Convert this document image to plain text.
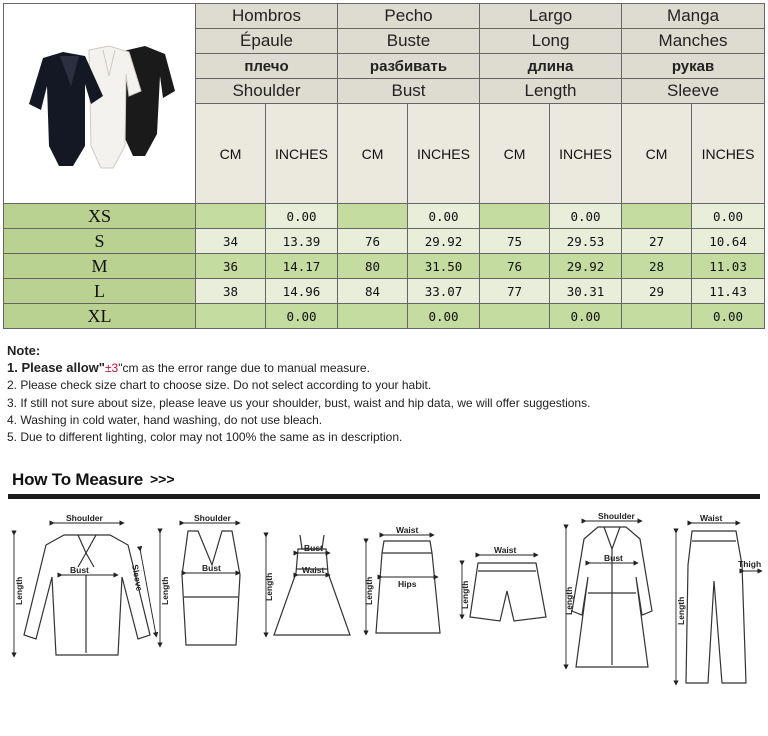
	Hombros		Pecho		Largo		Manga	
	Épaule		Buste		Long		Manches	
	плечо		разбивать		длина		рукав	
	Shoulder		Bust		Length		Sleeve	
	CM	INCHES	CM	INCHES	CM	INCHES	CM	INCHES
XS		0.00		0.00		0.00		0.00
S	34	13.39	76	29.92	75	29.53	27	10.64
M	36	14.17	80	31.50	76	29.92	28	11.03
L	38	14.96	84	33.07	77	30.31	29	11.43
XL		0.00		0.00		0.00		0.00
Note:
1. Please allow"±3"cm as the error range due to manual measure.
2. Please check size chart to choose size. Do not select according to your habit.
3. If still not sure about size, please leave us your shoulder, bust, waist and hip data, we will offer suggestions.
4. Washing in cold water, hand washing, do not use bleach.
5. Due to different lighting, color may not 100% the same as in description.
How To Measure >>>
Shoulder
Bust
Length	Sleeve
Shoulder
Bust
Length
Bust
Waist
Length
Waist
Hips
Length
Waist
Length
Shoulder
Bust
Length
Waist
Thigh
Length
